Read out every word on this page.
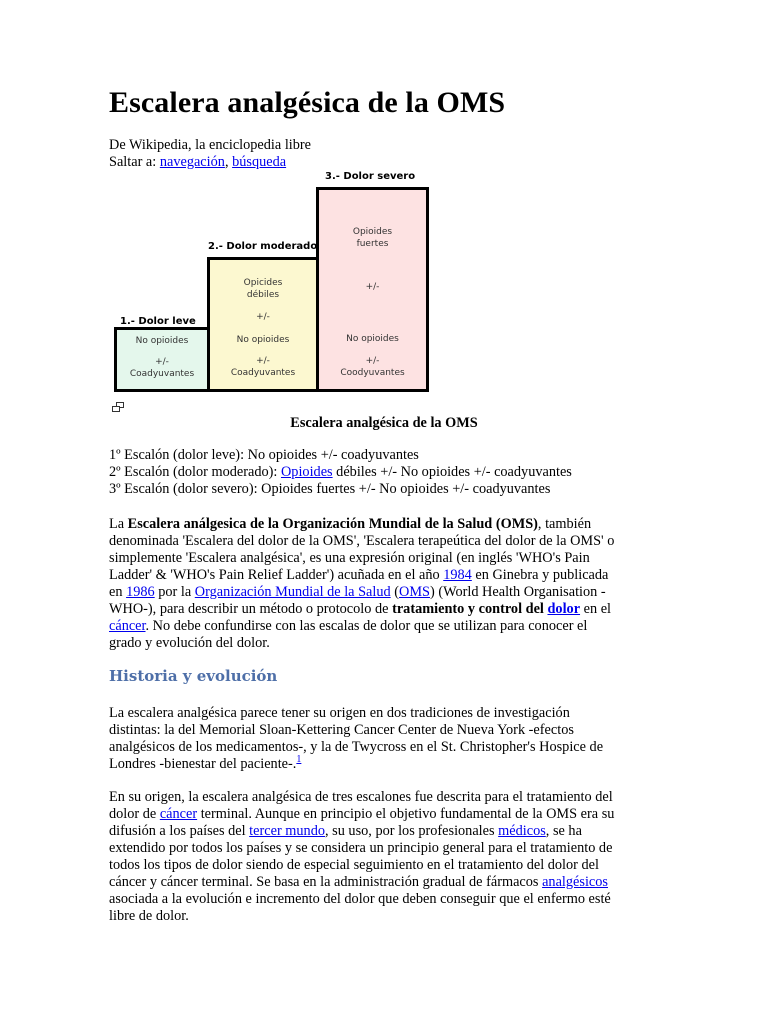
Escalera analgésica de la OMS
De Wikipedia, la enciclopedia libre
Saltar a: navegación, búsqueda
3.- Dolor severo
Opioides
fuertes
+/-
No opioides
+/-
Coodyuvantes
2.- Dolor moderado
Opicides
débiles
+/-
No opioides
+/-
Coadyuvantes
1.- Dolor leve
No opioides
+/-
Coadyuvantes
Escalera analgésica de la OMS
1º Escalón (dolor leve): No opioides +/- coadyuvantes
2º Escalón (dolor moderado): Opioides débiles +/- No opioides +/- coadyuvantes
3º Escalón (dolor severo): Opioides fuertes +/- No opioides +/- coadyuvantes
La Escalera análgesica de la Organización Mundial de la Salud (OMS), también
denominada 'Escalera del dolor de la OMS', 'Escalera terapeútica del dolor de la OMS' o
simplemente 'Escalera analgésica', es una expresión original (en inglés 'WHO's Pain
Ladder' & 'WHO's Pain Relief Ladder') acuñada en el año 1984 en Ginebra y publicada
en 1986 por la Organización Mundial de la Salud (OMS) (World Health Organisation -
WHO-), para describir un método o protocolo de tratamiento y control del dolor en el
cáncer. No debe confundirse con las escalas de dolor que se utilizan para conocer el
grado y evolución del dolor.
Historia y evolución
La escalera analgésica parece tener su origen en dos tradiciones de investigación
distintas: la del Memorial Sloan-Kettering Cancer Center de Nueva York -efectos
analgésicos de los medicamentos-, y la de Twycross en el St. Christopher's Hospice de
Londres -bienestar del paciente-.$^1$
En su origen, la escalera analgésica de tres escalones fue descrita para el tratamiento del
dolor de cáncer terminal. Aunque en principio el objetivo fundamental de la OMS era su
difusión a los países del tercer mundo, su uso, por los profesionales médicos, se ha
extendido por todos los países y se considera un principio general para el tratamiento de
todos los tipos de dolor siendo de especial seguimiento en el tratamiento del dolor del
cáncer y cáncer terminal. Se basa en la administración gradual de fármacos analgésicos
asociada a la evolución e incremento del dolor que deben conseguir que el enfermo esté
libre de dolor.
